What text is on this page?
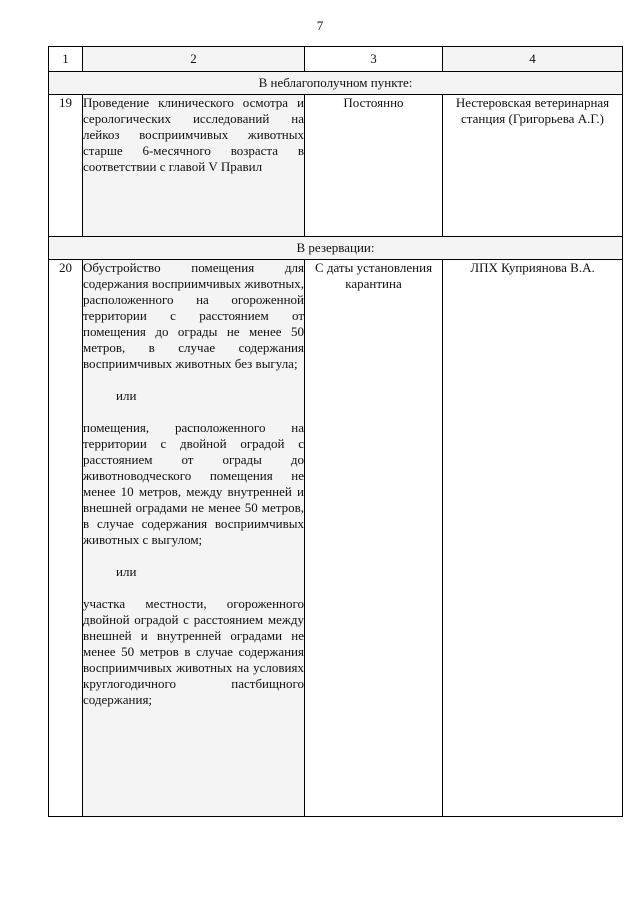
7
1	2	3	4
В неблагополучном пункте:			
19	Проведение клинического осмотра и серологических исследований на лейкоз восприимчивых животных старше 6-месячного возраста в соответствии с главой V Правил	Постоянно	Нестеровская ветеринарная станция (Григорьева А.Г.)
В резервации:			
20	Обустройство помещения для содержания восприимчивых животных, расположенного на огороженной территории с расстоянием от помещения до ограды не менее 50 метров, в случае содержания восприимчивых животных без выгула;

или

помещения, расположенного на территории с двойной оградой с расстоянием от ограды до животноводческого помещения не менее 10 метров, между внутренней и внешней оградами не менее 50 метров, в случае содержания восприимчивых животных с выгулом;

или

участка местности, огороженного двойной оградой с расстоянием между внешней и внутренней оградами не менее 50 метров в случае содержания восприимчивых животных на условиях круглогодичного пастбищного содержания;	С даты установления карантина	ЛПХ Куприянова В.А.
